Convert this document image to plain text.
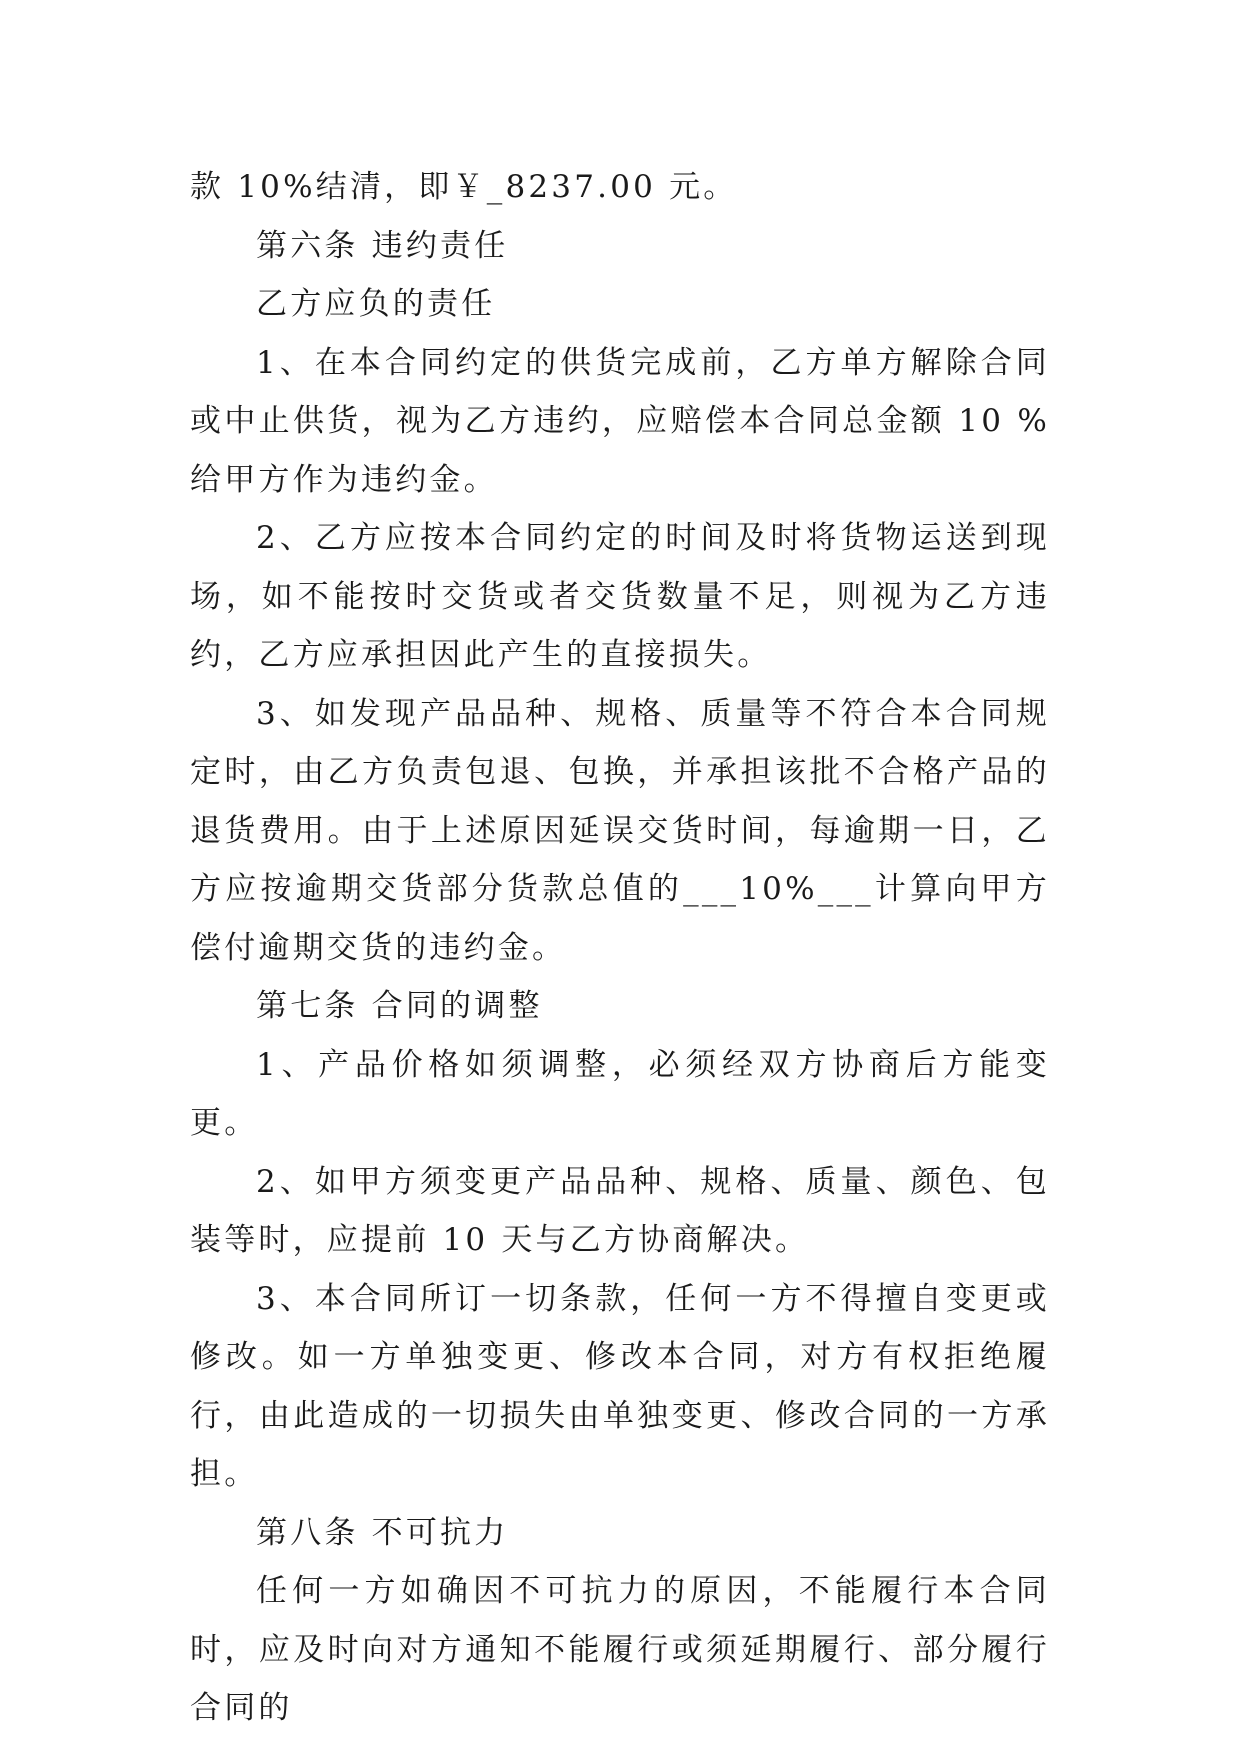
款 10%结清，即￥_8237.00 元。

第六条 违约责任

乙方应负的责任

1、在本合同约定的供货完成前，乙方单方解除合同或中止供货，视为乙方违约，应赔偿本合同总金额 10 %给甲方作为违约金。

2、乙方应按本合同约定的时间及时将货物运送到现场，如不能按时交货或者交货数量不足，则视为乙方违约，乙方应承担因此产生的直接损失。

3、如发现产品品种、规格、质量等不符合本合同规定时，由乙方负责包退、包换，并承担该批不合格产品的退货费用。由于上述原因延误交货时间，每逾期一日，乙方应按逾期交货部分货款总值的___10%___计算向甲方偿付逾期交货的违约金。

第七条 合同的调整

1、产品价格如须调整，必须经双方协商后方能变更。

2、如甲方须变更产品品种、规格、质量、颜色、包装等时，应提前 10 天与乙方协商解决。

3、本合同所订一切条款，任何一方不得擅自变更或修改。如一方单独变更、修改本合同，对方有权拒绝履行，由此造成的一切损失由单独变更、修改合同的一方承担。

第八条 不可抗力

任何一方如确因不可抗力的原因，不能履行本合同时，应及时向对方通知不能履行或须延期履行、部分履行合同的
